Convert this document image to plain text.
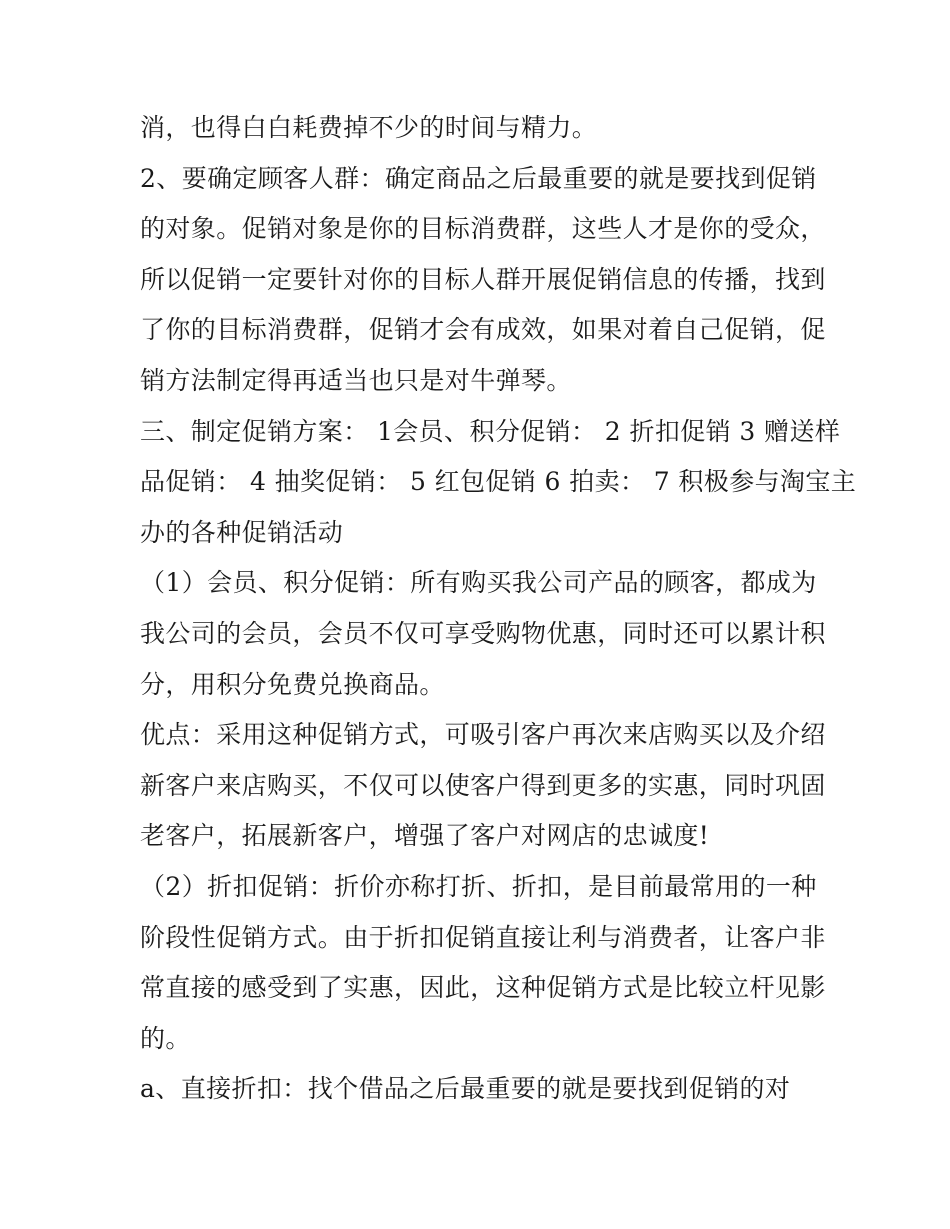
消，也得白白耗费掉不少的时间与精力。
2、要确定顾客人群：确定商品之后最重要的就是要找到促销
的对象。促销对象是你的目标消费群，这些人才是你的受众，
所以促销一定要针对你的目标人群开展促销信息的传播，找到
了你的目标消费群，促销才会有成效，如果对着自己促销，促
销方法制定得再适当也只是对牛弹琴。
三、制定促销方案： 1会员、积分促销： 2 折扣促销 3 赠送样
品促销： 4 抽奖促销： 5 红包促销 6 拍卖： 7 积极参与淘宝主
办的各种促销活动
（1）会员、积分促销：所有购买我公司产品的顾客，都成为
我公司的会员，会员不仅可享受购物优惠，同时还可以累计积
分，用积分免费兑换商品。
优点：采用这种促销方式，可吸引客户再次来店购买以及介绍
新客户来店购买，不仅可以使客户得到更多的实惠，同时巩固
老客户，拓展新客户，增强了客户对网店的忠诚度!
（2）折扣促销：折价亦称打折、折扣，是目前最常用的一种
阶段性促销方式。由于折扣促销直接让利与消费者，让客户非
常直接的感受到了实惠，因此，这种促销方式是比较立杆见影
的。
a、直接折扣：找个借品之后最重要的就是要找到促销的对
